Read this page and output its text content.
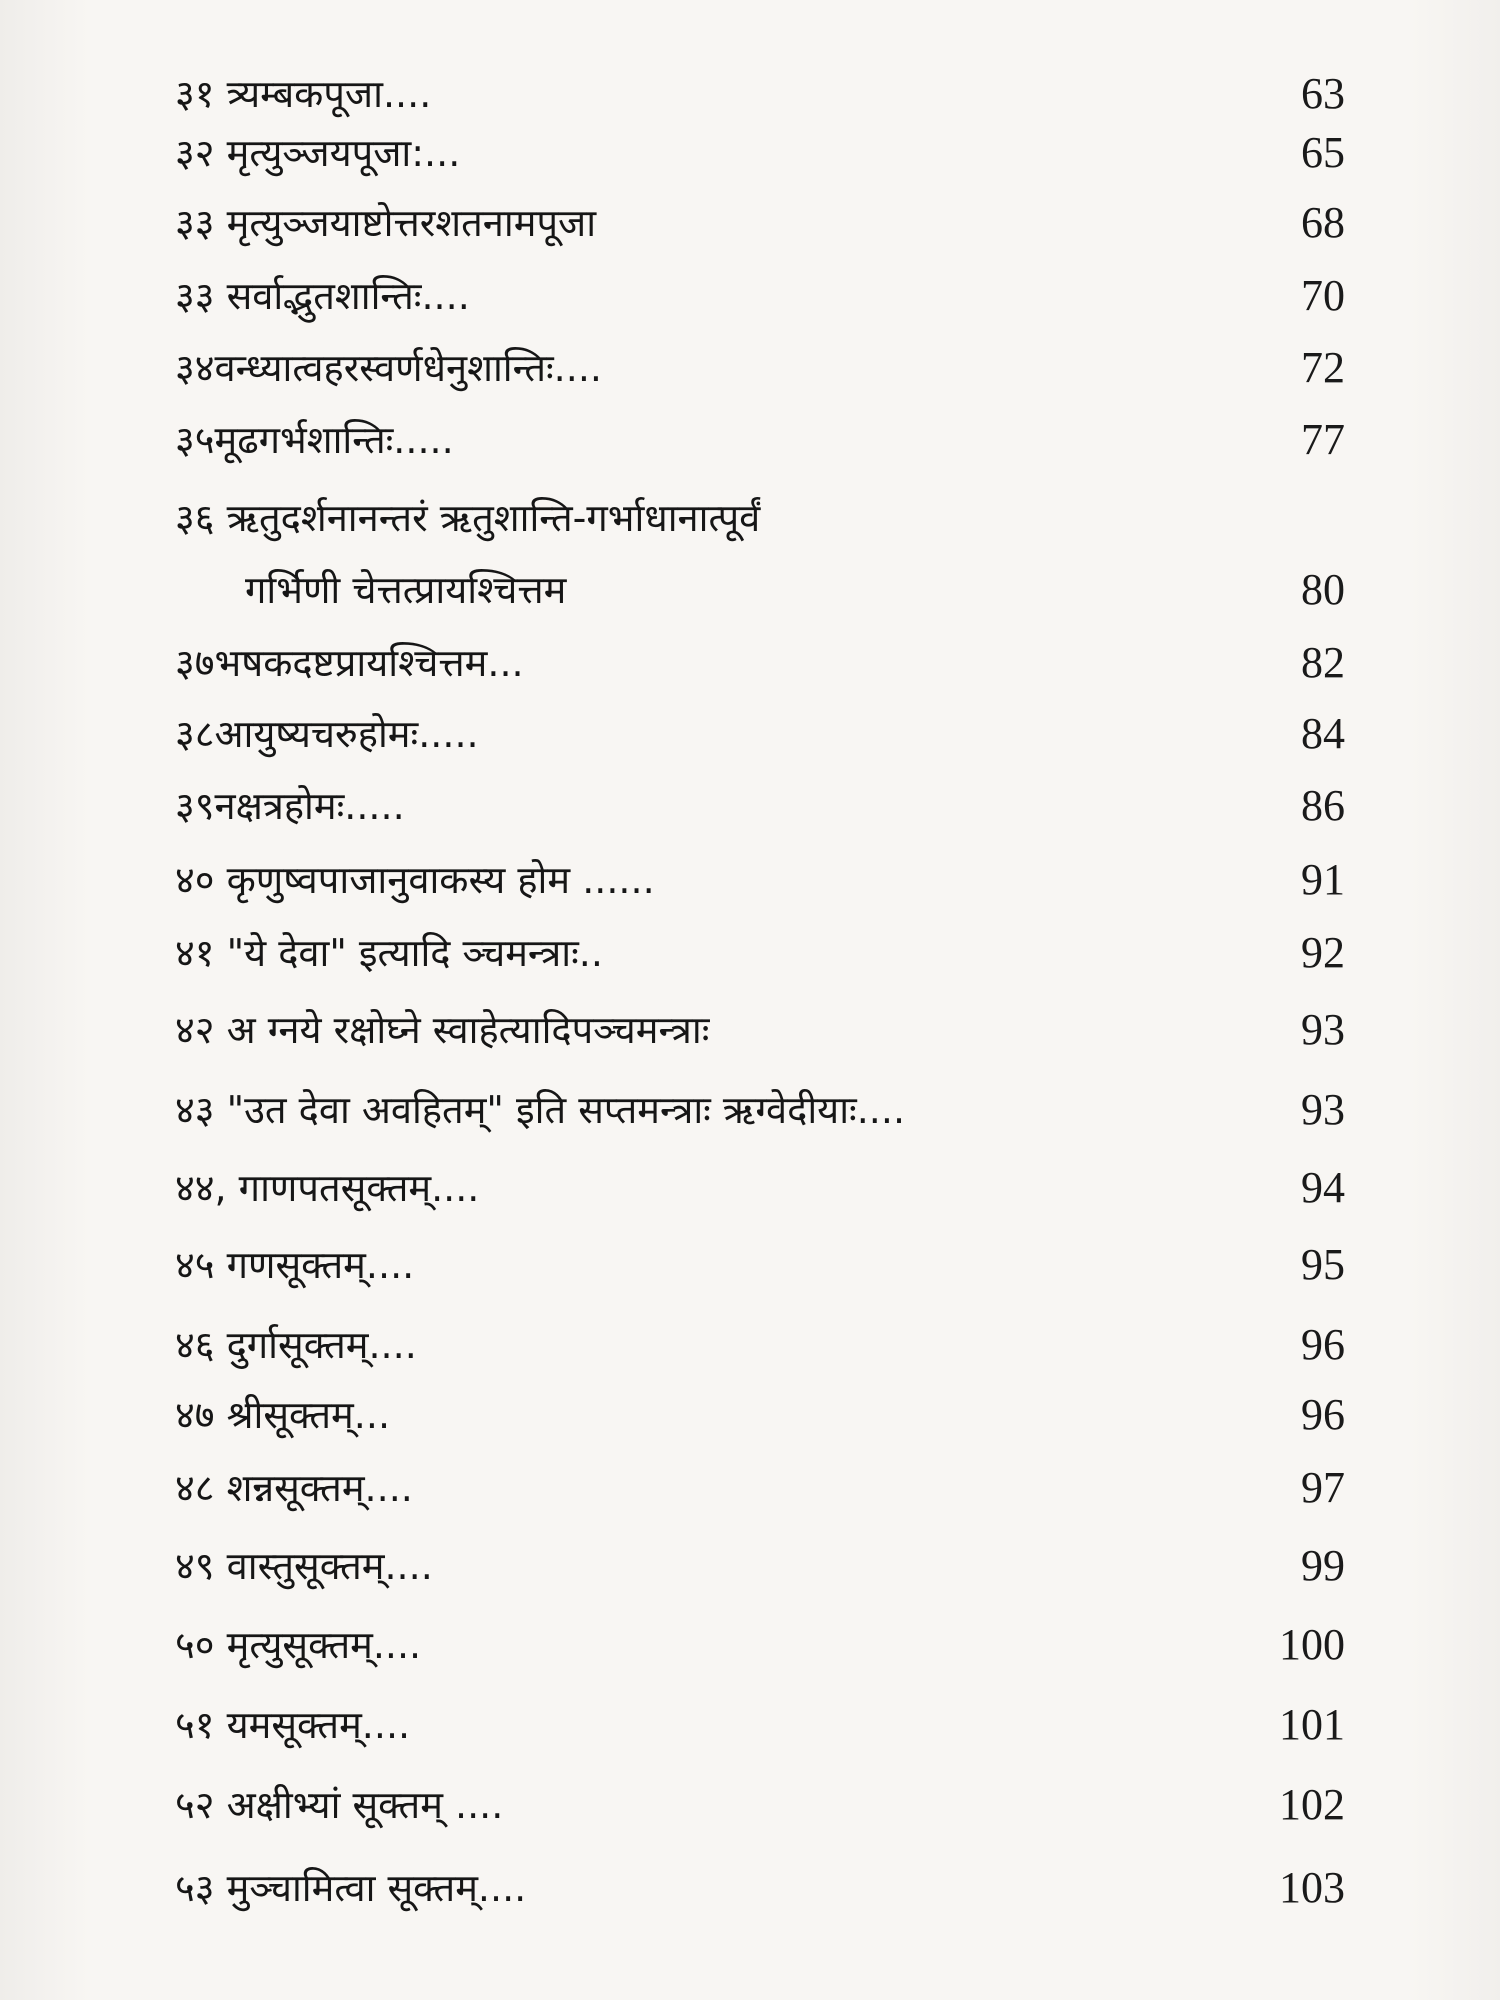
३१ त्र्यम्बकपूजा....	63
३२ मृत्युञ्जयपूजा:...	65
३३ मृत्युञ्जयाष्टोत्तरशतनामपूजा	68
३३ सर्वाद्भुतशान्तिः....	70
३४वन्ध्यात्वहरस्वर्णधेनुशान्तिः....	72
३५मूढगर्भशान्तिः.....	77
३६ ऋतुदर्शनानन्तरं ऋतुशान्ति-गर्भाधानात्पूर्वं
गर्भिणी चेत्तत्प्रायश्चित्तम	80
३७भषकदष्टप्रायश्चित्तम...	82
३८आयुष्यचरुहोमः.....	84
३९नक्षत्रहोमः.....	86
४० कृणुष्वपाजानुवाकस्य होम ......	91
४१ "ये देवा" इत्यादि ञ्चमन्त्राः..	92
४२ अ ग्नये रक्षोघ्ने स्वाहेत्यादिपञ्चमन्त्राः	93
४३ "उत देवा अवहितम्" इति सप्तमन्त्राः ऋग्वेदीयाः....	93
४४, गाणपतसूक्तम्....	94
४५ गणसूक्तम्....	95
४६ दुर्गासूक्तम्....	96
४७ श्रीसूक्तम्...	96
४८ शन्नसूक्तम्....	97
४९ वास्तुसूक्तम्....	99
५० मृत्युसूक्तम्....	100
५१ यमसूक्तम्....	101
५२ अक्षीभ्यां सूक्तम् ....	102
५३ मुञ्चामित्वा सूक्तम्....	103
